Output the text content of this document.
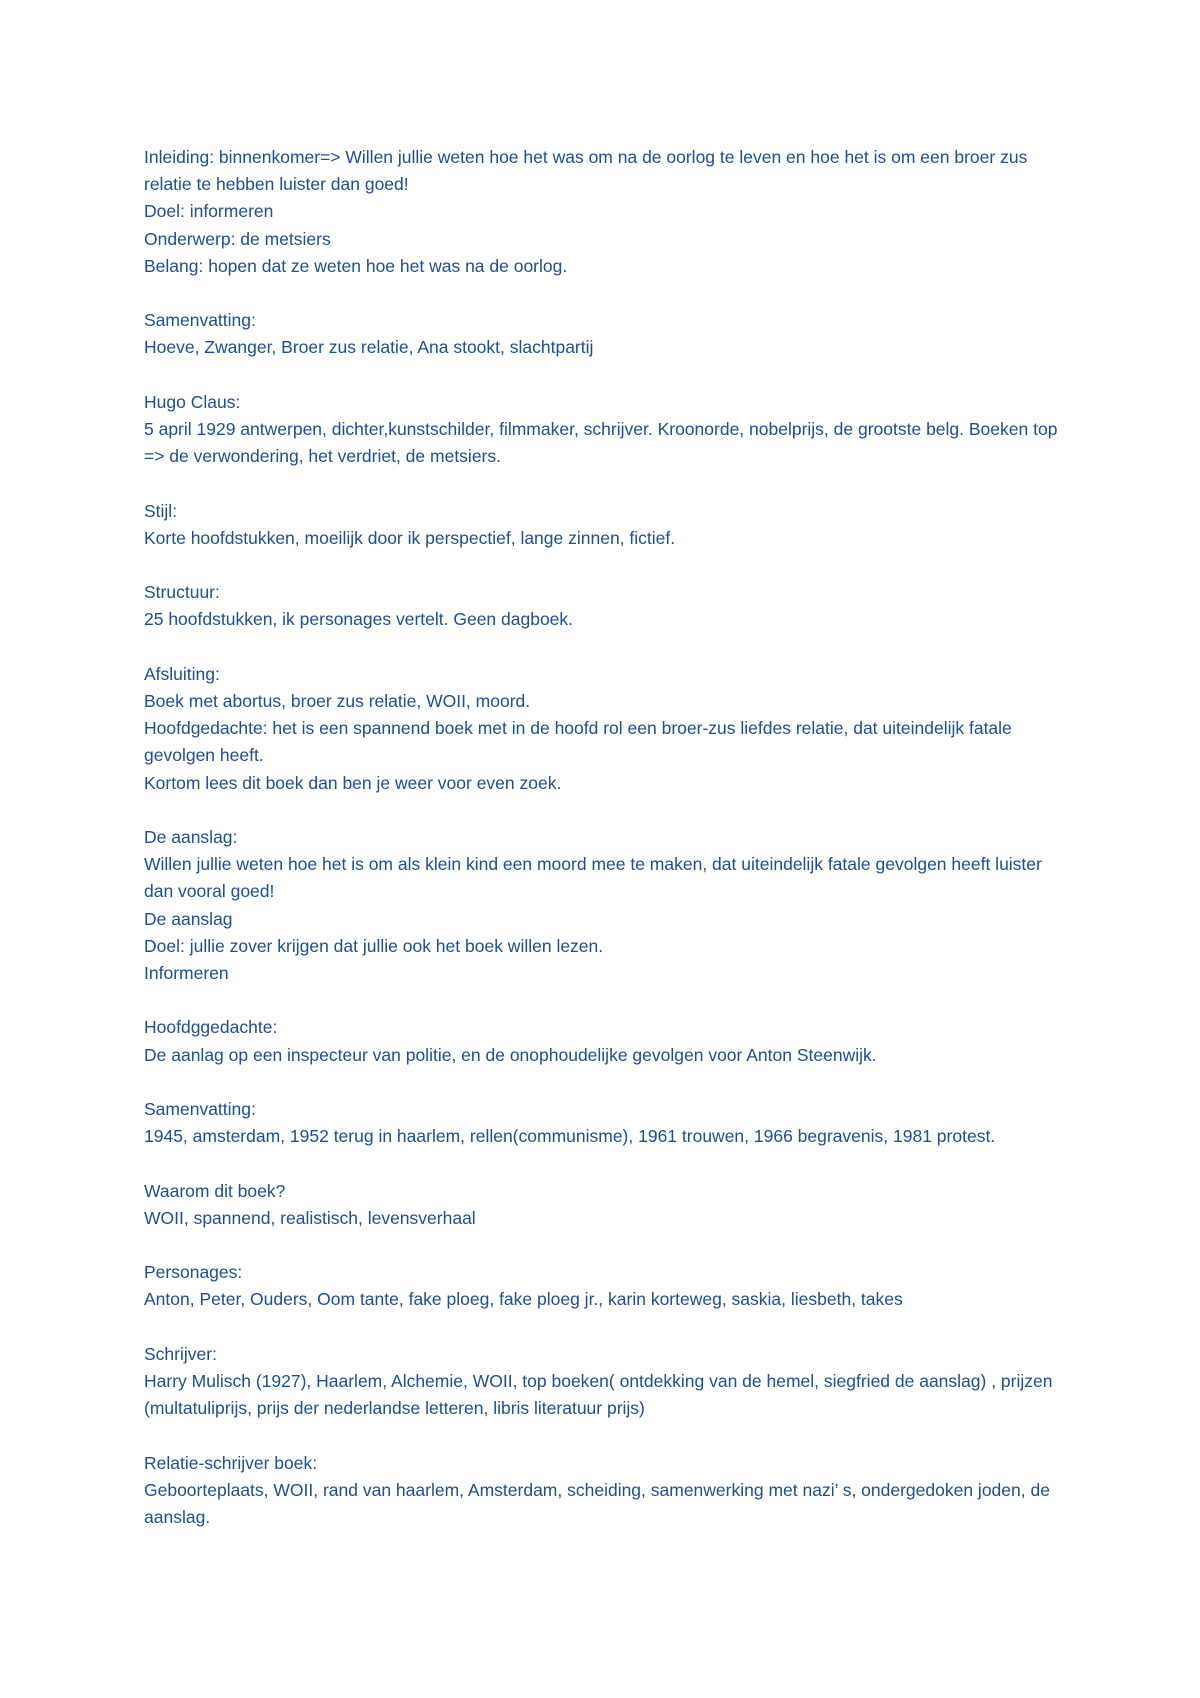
Inleiding: binnenkomer=> Willen jullie weten hoe het was om na de oorlog te leven en hoe het is om een broer zus relatie te hebben luister dan goed!
Doel: informeren
Onderwerp: de metsiers
Belang: hopen dat ze weten hoe het was na de oorlog.
Samenvatting:
Hoeve, Zwanger, Broer zus relatie, Ana stookt, slachtpartij
Hugo Claus:
5 april 1929 antwerpen, dichter,kunstschilder, filmmaker, schrijver. Kroonorde, nobelprijs, de grootste belg. Boeken top => de verwondering, het verdriet, de metsiers.
Stijl:
Korte hoofdstukken, moeilijk door ik perspectief, lange zinnen, fictief.
Structuur:
25 hoofdstukken, ik personages vertelt. Geen dagboek.
Afsluiting:
Boek met abortus, broer zus relatie, WOII, moord.
Hoofdgedachte: het is een spannend boek met in de hoofd rol een broer-zus liefdes relatie, dat uiteindelijk fatale gevolgen heeft.
Kortom lees dit boek dan ben je weer voor even zoek.
De aanslag:
Willen jullie weten hoe het is om als klein kind een moord mee te maken, dat uiteindelijk fatale gevolgen heeft luister dan vooral goed!
De aanslag
Doel: jullie zover krijgen dat jullie ook het boek willen lezen.
Informeren
Hoofdggedachte:
De aanlag op een inspecteur van politie, en de onophoudelijke gevolgen voor Anton Steenwijk.
Samenvatting:
1945, amsterdam, 1952 terug in haarlem, rellen(communisme), 1961 trouwen, 1966 begravenis, 1981 protest.
Waarom dit boek?
WOII, spannend, realistisch, levensverhaal
Personages:
Anton, Peter, Ouders, Oom tante, fake ploeg, fake ploeg jr., karin korteweg, saskia, liesbeth, takes
Schrijver:
Harry Mulisch (1927), Haarlem, Alchemie, WOII, top boeken( ontdekking van de hemel, siegfried de aanslag) , prijzen (multatuliprijs, prijs der nederlandse letteren, libris literatuur prijs)
Relatie-schrijver boek:
Geboorteplaats, WOII, rand van haarlem, Amsterdam, scheiding, samenwerking met nazi’ s, ondergedoken joden, de aanslag.
